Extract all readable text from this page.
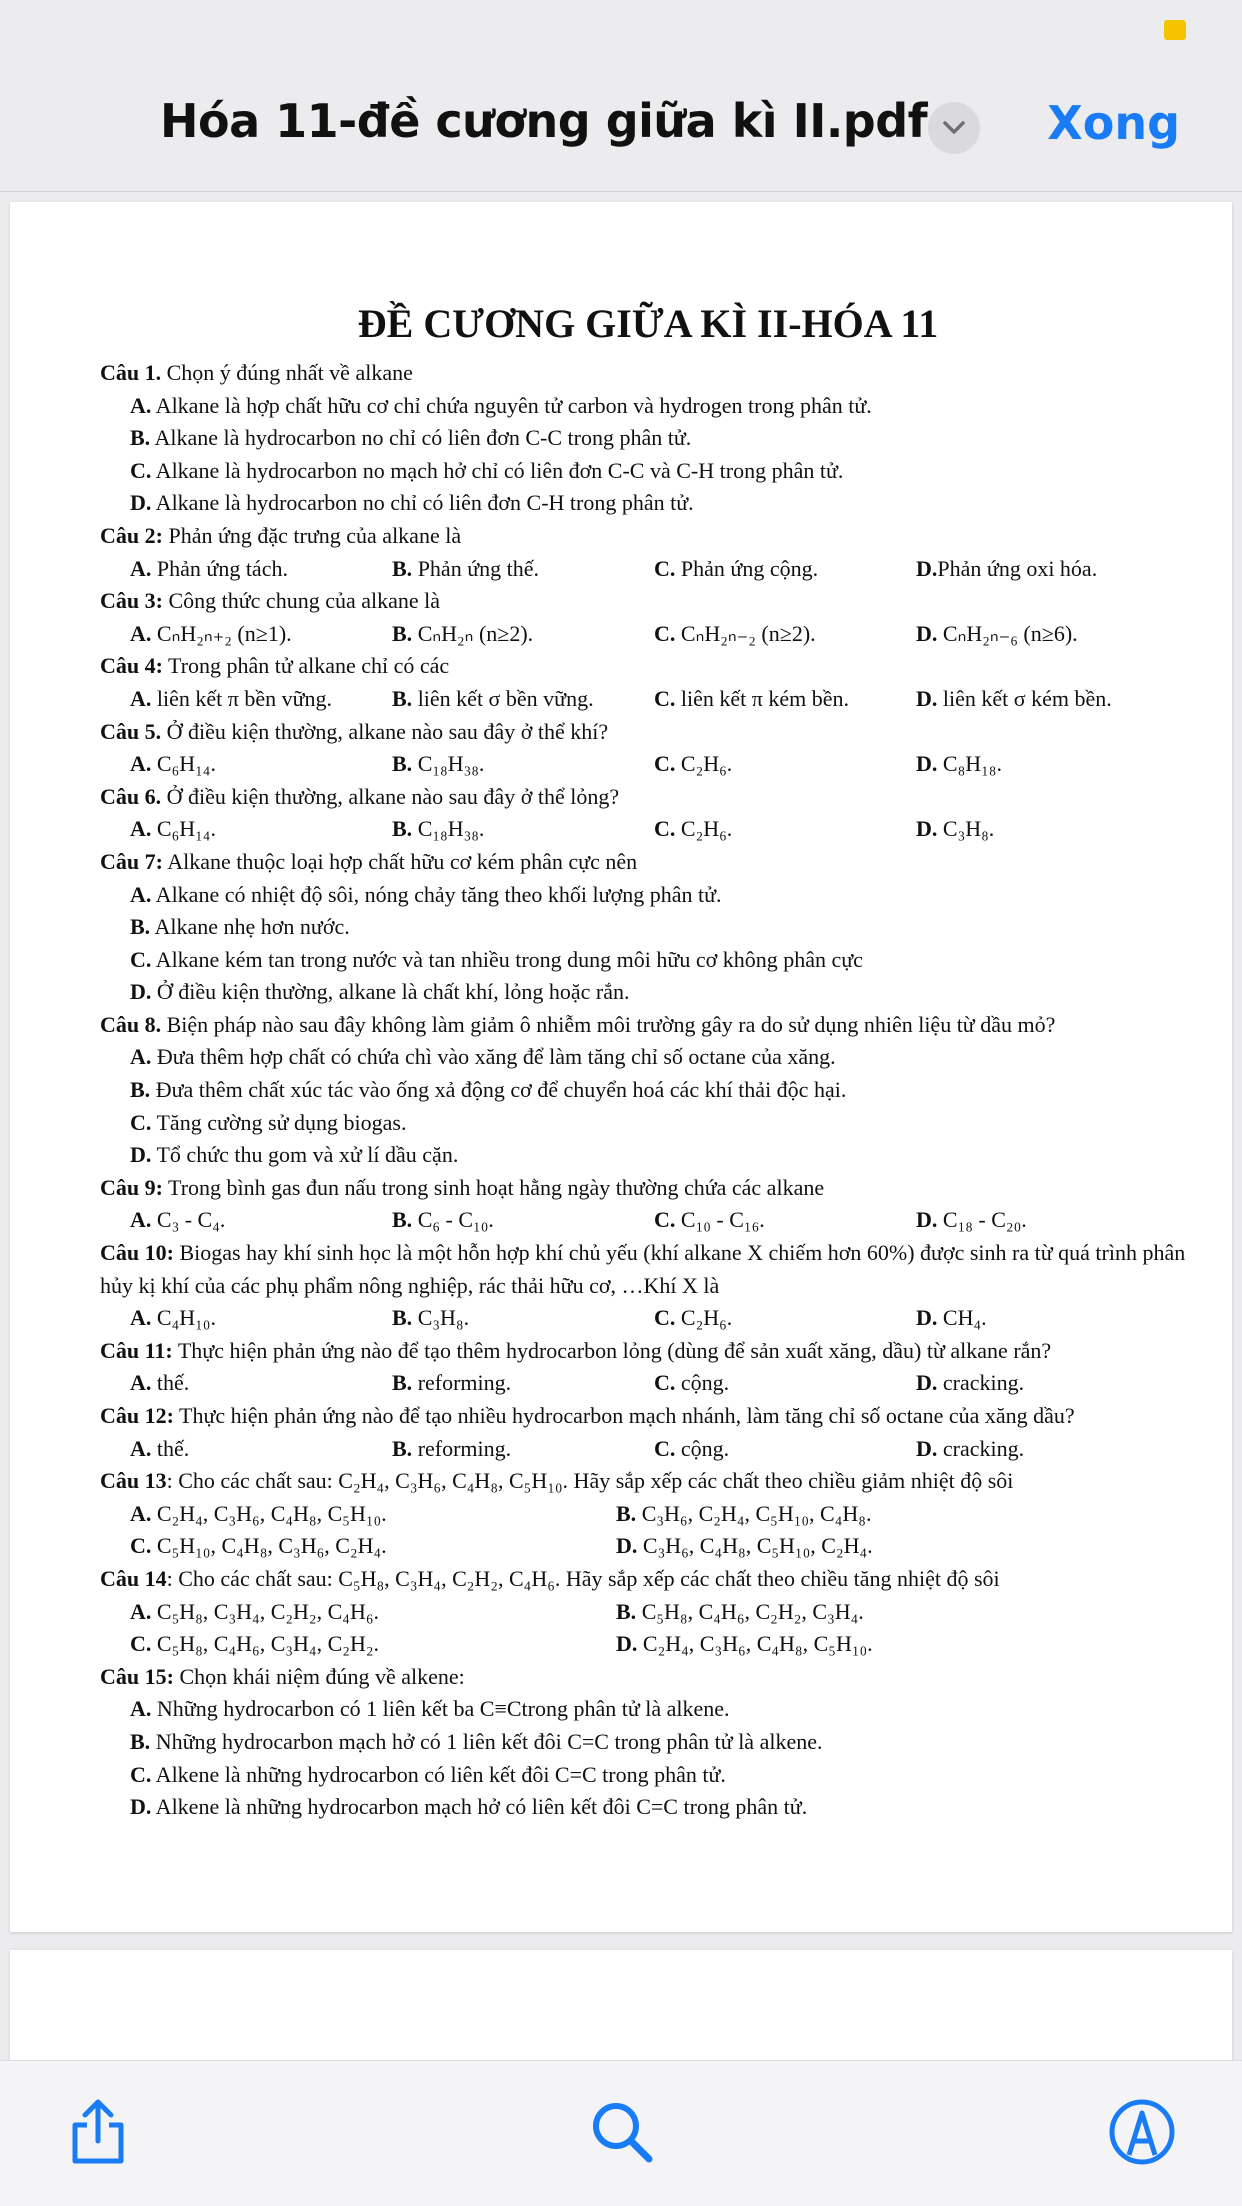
Hóa 11-đề cương giữa kì II.pdf	Xong
ĐỀ CƯƠNG GIỮA KÌ II-HÓA 11
Câu 1. Chọn ý đúng nhất về alkane
A. Alkane là hợp chất hữu cơ chỉ chứa nguyên tử carbon và hydrogen trong phân tử.
B. Alkane là hydrocarbon no chỉ có liên đơn C-C trong phân tử.
C. Alkane là hydrocarbon no mạch hở chỉ có liên đơn C-C và C-H trong phân tử.
D. Alkane là hydrocarbon no chỉ có liên đơn C-H trong phân tử.
Câu 2: Phản ứng đặc trưng của alkane là
A. Phản ứng tách.	B. Phản ứng thế.	C. Phản ứng cộng.	D.Phản ứng oxi hóa.
Câu 3: Công thức chung của alkane là
A. CₙH₂ₙ₊₂ (n≥1).	B. CₙH₂ₙ (n≥2).	C. CₙH₂ₙ₋₂ (n≥2).	D. CₙH₂ₙ₋₆ (n≥6).
Câu 4: Trong phân tử alkane chỉ có các
A. liên kết π bền vững.	B. liên kết σ bền vững.	C. liên kết π kém bền.	D. liên kết σ kém bền.
Câu 5. Ở điều kiện thường, alkane nào sau đây ở thể khí?
A. C₆H₁₄.	B. C₁₈H₃₈.	C. C₂H₆.	D. C₈H₁₈.
Câu 6. Ở điều kiện thường, alkane nào sau đây ở thể lỏng?
A. C₆H₁₄.	B. C₁₈H₃₈.	C. C₂H₆.	D. C₃H₈.
Câu 7: Alkane thuộc loại hợp chất hữu cơ kém phân cực nên
A. Alkane có nhiệt độ sôi, nóng chảy tăng theo khối lượng phân tử.
B. Alkane nhẹ hơn nước.
C. Alkane kém tan trong nước và tan nhiều trong dung môi hữu cơ không phân cực
D. Ở điều kiện thường, alkane là chất khí, lỏng hoặc rắn.
Câu 8. Biện pháp nào sau đây không làm giảm ô nhiễm môi trường gây ra do sử dụng nhiên liệu từ dầu mỏ?
A. Đưa thêm hợp chất có chứa chì vào xăng để làm tăng chỉ số octane của xăng.
B. Đưa thêm chất xúc tác vào ống xả động cơ để chuyển hoá các khí thải độc hại.
C. Tăng cường sử dụng biogas.
D. Tổ chức thu gom và xử lí dầu cặn.
Câu 9: Trong bình gas đun nấu trong sinh hoạt hằng ngày thường chứa các alkane
A. C₃ - C₄.	B. C₆ - C₁₀.	C. C₁₀ - C₁₆.	D. C₁₈ - C₂₀.
Câu 10: Biogas hay khí sinh học là một hỗn hợp khí chủ yếu (khí alkane X chiếm hơn 60%) được sinh ra từ quá trình phân hủy kị khí của các phụ phẩm nông nghiệp, rác thải hữu cơ, …Khí X là
A. C₄H₁₀.	B. C₃H₈.	C. C₂H₆.	D. CH₄.
Câu 11: Thực hiện phản ứng nào để tạo thêm hydrocarbon lỏng (dùng để sản xuất xăng, dầu) từ alkane rắn?
A. thế.	B. reforming.	C. cộng.	D. cracking.
Câu 12: Thực hiện phản ứng nào để tạo nhiều hydrocarbon mạch nhánh, làm tăng chỉ số octane của xăng dầu?
A. thế.	B. reforming.	C. cộng.	D. cracking.
Câu 13: Cho các chất sau: C₂H₄, C₃H₆, C₄H₈, C₅H₁₀. Hãy sắp xếp các chất theo chiều giảm nhiệt độ sôi
A. C₂H₄, C₃H₆, C₄H₈, C₅H₁₀.	B. C₃H₆, C₂H₄, C₅H₁₀, C₄H₈.
C. C₅H₁₀, C₄H₈, C₃H₆, C₂H₄.	D. C₃H₆, C₄H₈, C₅H₁₀, C₂H₄.
Câu 14: Cho các chất sau: C₅H₈, C₃H₄, C₂H₂, C₄H₆. Hãy sắp xếp các chất theo chiều tăng nhiệt độ sôi
A. C₅H₈, C₃H₄, C₂H₂, C₄H₆.	B. C₅H₈, C₄H₆, C₂H₂, C₃H₄.
C. C₅H₈, C₄H₆, C₃H₄, C₂H₂.	D. C₂H₄, C₃H₆, C₄H₈, C₅H₁₀.
Câu 15: Chọn khái niệm đúng về alkene:
A. Những hydrocarbon có 1 liên kết ba C≡Ctrong phân tử là alkene.
B. Những hydrocarbon mạch hở có 1 liên kết đôi C=C trong phân tử là alkene.
C. Alkene là những hydrocarbon có liên kết đôi C=C trong phân tử.
D. Alkene là những hydrocarbon mạch hở có liên kết đôi C=C trong phân tử.
